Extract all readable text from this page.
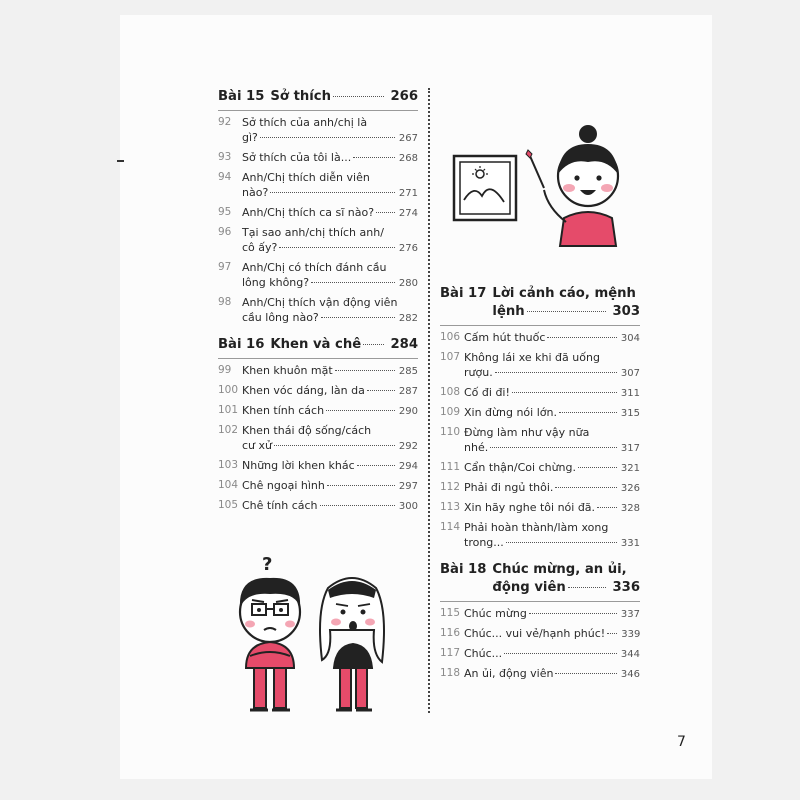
Bài 15 Sở thích	266
92 Sở thích của anh/chị là
gì?	267
93 Sở thích của tôi là...	268
94 Anh/Chị thích diễn viên
nào?	271
95 Anh/Chị thích ca sĩ nào? 274
96 Tại sao anh/chị thích anh/
cô ấy?	276
97 Anh/Chị có thích đánh cầu
lông không?	280
98 Anh/Chị thích vận động viên
cầu lông nào?	282
Bài 16 Khen và chê 284
99 Khen khuôn mặt	285
100 Khen vóc dáng, làn da	287
101 Khen tính cách	290
102 Khen thái độ sống/cách
cư xử	292
103 Những lời khen khác	294
104 Chê ngoại hình	297
105 Chê tính cách	300
Bài 17 Lời cảnh cáo, mệnh
lệnh	303
106 Cấm hút thuốc	304
107 Không lái xe khi đã uống
rượu.	307
108 Cố đi đi!	311
109 Xin đừng nói lớn.	315
110 Đừng làm như vậy nữa
nhé.	317
111 Cẩn thận/Coi chừng.	321
112 Phải đi ngủ thôi.	326
113 Xin hãy nghe tôi nói đã.	328
114 Phải hoàn thành/làm xong
trong...	331
Bài 18 Chúc mừng, an ủi,
động viên	336
115 Chúc mừng	337
116 Chúc... vui vẻ/hạnh phúc! 339
117 Chúc...	344
118 An ủi, động viên	346
?
7
